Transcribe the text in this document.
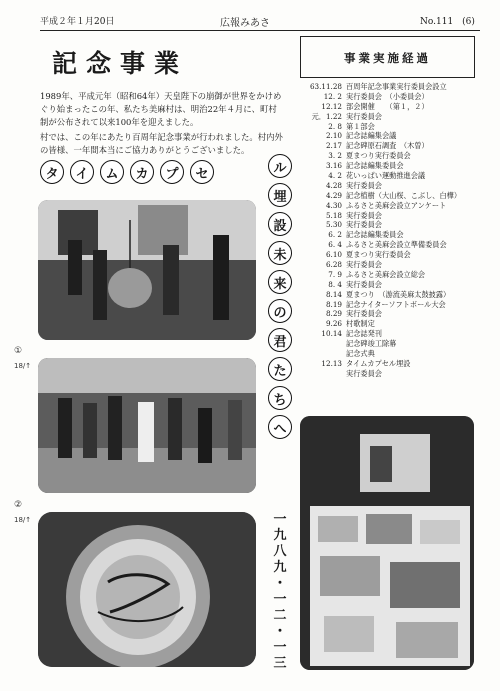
平成２年１月20日	広報みあさ	No.111　(6)
記念事業

1989年、平成元年（昭和64年）天皇陛下の崩御が世界をかけめぐり始まったこの年、私たち美麻村は、明治22年４月に、町村制が公布されて以来100年を迎えました。

村では、この年にあたり百周年記念事業が行われました。村内外の皆様、一年間本当にご協力ありがとうございました。

事業実施経過
63.11.28 百周年記念事業実行委員会設立
12. 2 実行委員会　（小委員会）
12.12 部会開催　　（第１，２）
元．1.22 実行委員会
2. 8 第１部会
2.10 記念誌編集会議
2.17 記念碑原石調査　（木曽）
3. 2 夏まつり実行委員会
3.16 記念誌編集委員会
4. 2 花いっぱい運動推進会議
4.28 実行委員会
4.29 記念植樹（大山桜、こぶし、白樺）
4.30 ふるさと美麻会設立アンケート
5.18 実行委員会
5.30 実行委員会
6. 2 記念誌編集委員会
6. 4 ふるさと美麻会設立準備委員会
6.10 夏まつり実行委員会
6.28 実行委員会
7. 9 ふるさと美麻会設立総会
8. 4 実行委員会
8.14 夏まつり　（游流美麻太鼓披露）
8.19 記念ナイターソフトボール大会
8.29 実行委員会
9.26 村歌制定
10.14 記念誌発刊
記念碑竣工除幕
記念式典
12.13 タイムカプセル埋設
実行委員会
タ	イ	ム	カ	プ	セ	ル
埋
設
未
来
の
君
た
ち
へ
一
九
八
九
・
一
二
・
一
三
①
18/↑
②
18/↑
